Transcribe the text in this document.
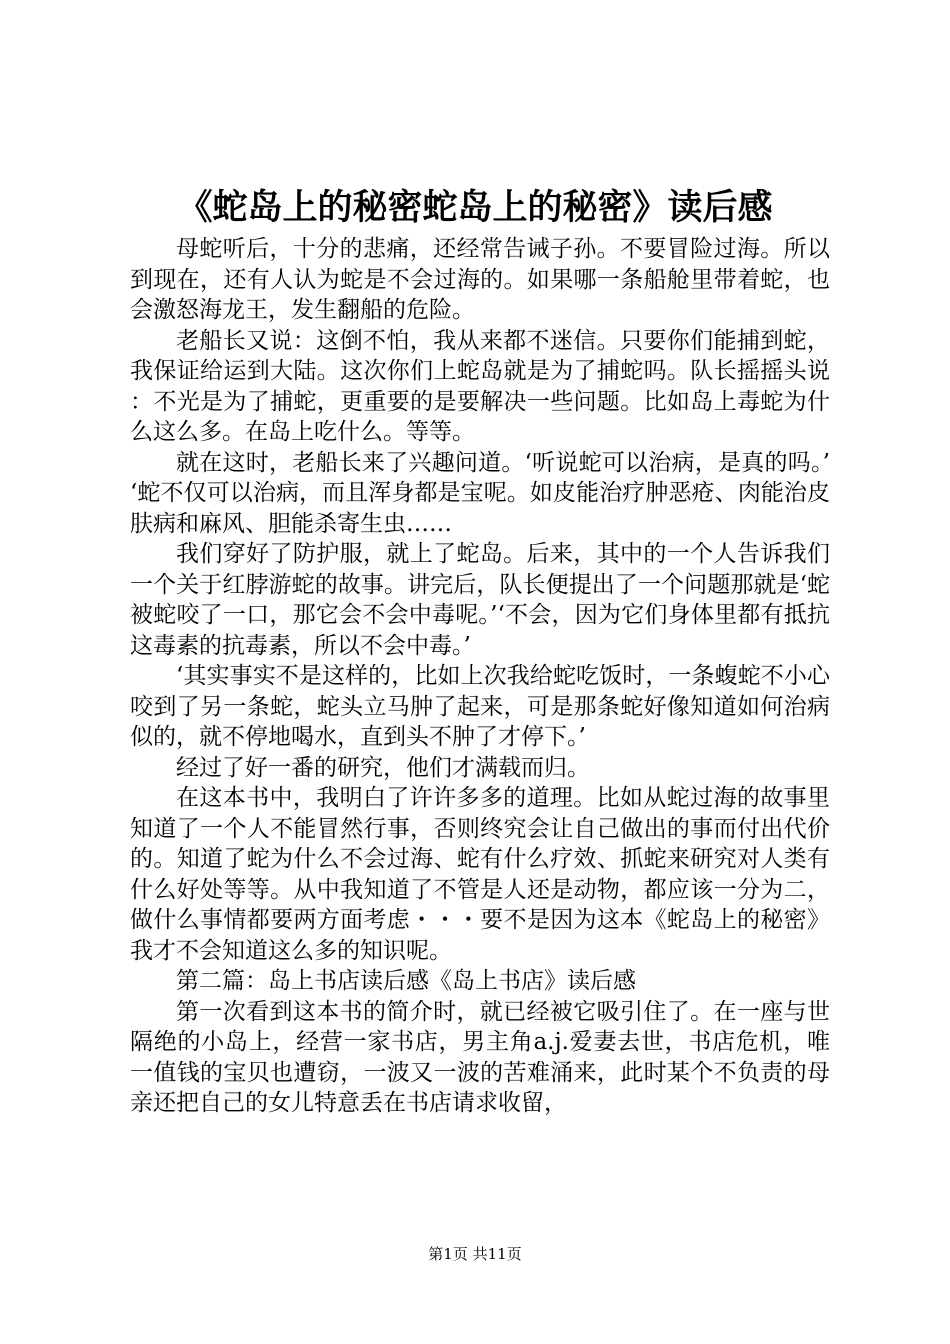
《蛇岛上的秘密蛇岛上的秘密》读后感

母蛇听后，十分的悲痛，还经常告诫子孙。不要冒险过海。所以到现在，还有人认为蛇是不会过海的。如果哪一条船舱里带着蛇，也会激怒海龙王，发生翻船的危险。

老船长又说：这倒不怕，我从来都不迷信。只要你们能捕到蛇，我保证给运到大陆。这次你们上蛇岛就是为了捕蛇吗。队长摇摇头说：不光是为了捕蛇，更重要的是要解决一些问题。比如岛上毒蛇为什么这么多。在岛上吃什么。等等。

就在这时，老船长来了兴趣问道。‘听说蛇可以治病，是真的吗。’‘蛇不仅可以治病，而且浑身都是宝呢。如皮能治疗肿恶疮、肉能治皮肤病和麻风、胆能杀寄生虫……

我们穿好了防护服，就上了蛇岛。后来，其中的一个人告诉我们一个关于红脖游蛇的故事。讲完后，队长便提出了一个问题那就是‘蛇被蛇咬了一口，那它会不会中毒呢。’‘不会，因为它们身体里都有抵抗这毒素的抗毒素，所以不会中毒。’

‘其实事实不是这样的，比如上次我给蛇吃饭时，一条蝮蛇不小心咬到了另一条蛇，蛇头立马肿了起来，可是那条蛇好像知道如何治病似的，就不停地喝水，直到头不肿了才停下。’

经过了好一番的研究，他们才满载而归。

在这本书中，我明白了许许多多的道理。比如从蛇过海的故事里知道了一个人不能冒然行事，否则终究会让自己做出的事而付出代价的。知道了蛇为什么不会过海、蛇有什么疗效、抓蛇来研究对人类有什么好处等等。从中我知道了不管是人还是动物，都应该一分为二，做什么事情都要两方面考虑・・・要不是因为这本《蛇岛上的秘密》我才不会知道这么多的知识呢。

第二篇：岛上书店读后感《岛上书店》读后感

第一次看到这本书的简介时，就已经被它吸引住了。在一座与世隔绝的小岛上，经营一家书店，男主角a.j.爱妻去世，书店危机，唯一值钱的宝贝也遭窃，一波又一波的苦难涌来，此时某个不负责的母亲还把自己的女儿特意丢在书店请求收留，

第1页 共11页
